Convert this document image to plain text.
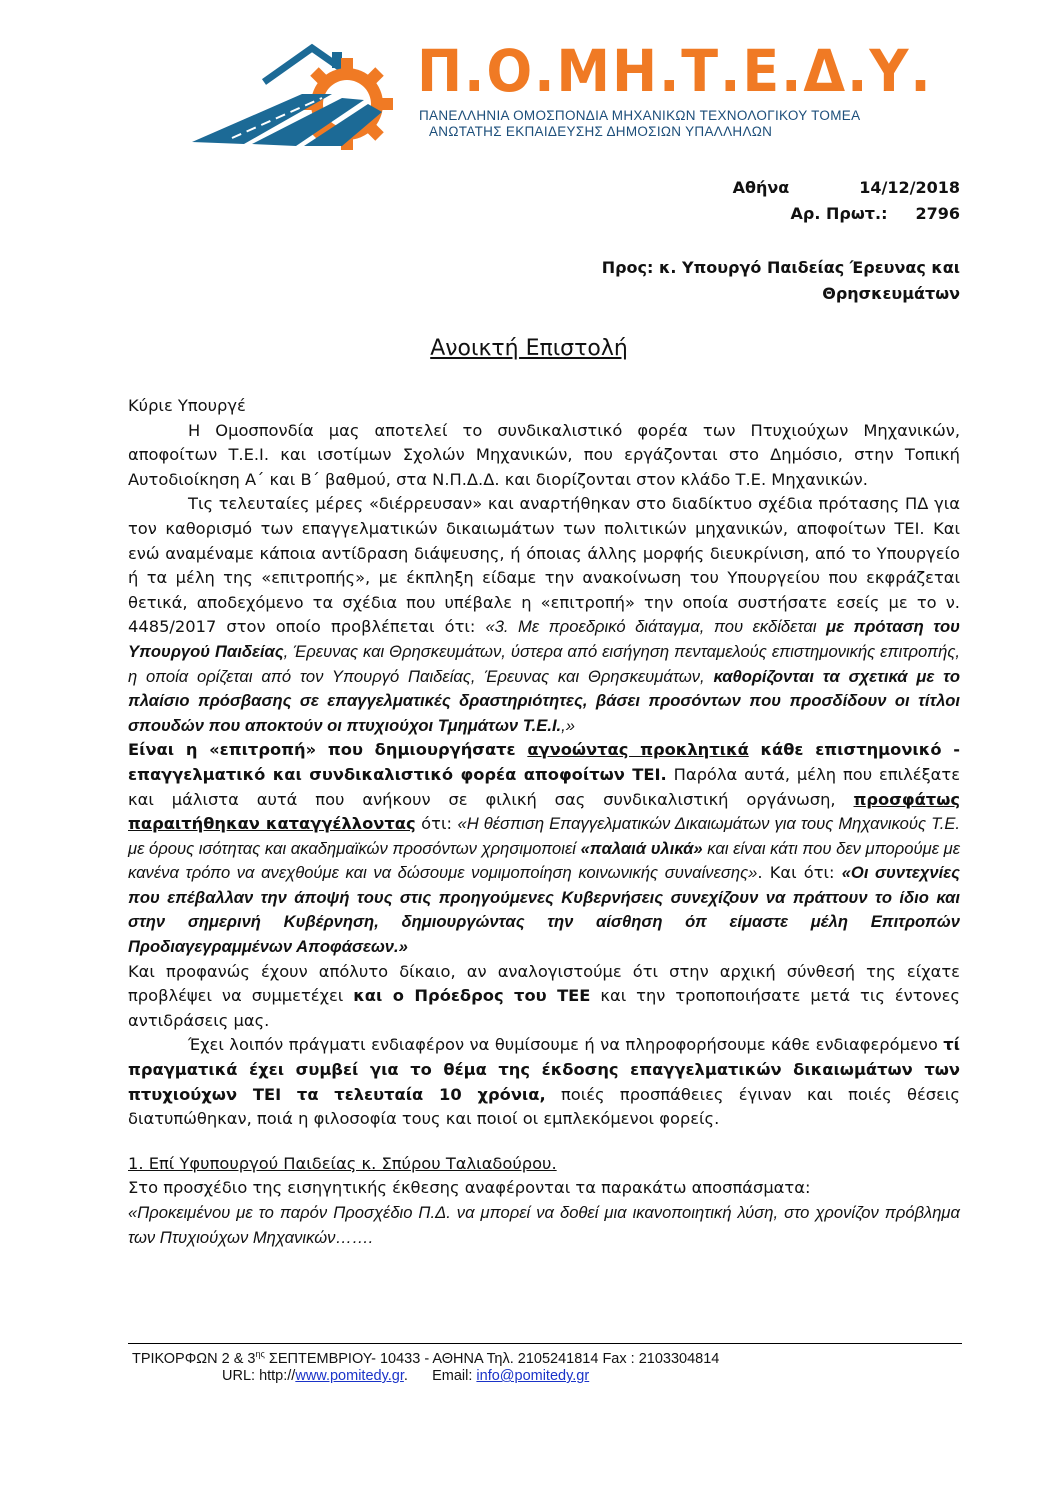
Π.Ο.ΜΗ.Τ.Ε.Δ.Υ.
ΠΑΝΕΛΛΗΝΙΑ ΟΜΟΣΠΟΝΔΙΑ ΜΗΧΑΝΙΚΩΝ ΤΕΧΝΟΛΟΓΙΚΟΥ ΤΟΜΕΑ
ΑΝΩΤΑΤΗΣ ΕΚΠΑΙΔΕΥΣΗΣ ΔΗΜΟΣΙΩΝ ΥΠΑΛΛΗΛΩΝ
Αθήνα	14/12/2018
Αρ. Πρωτ.: 2796
Προς: κ. Υπουργό Παιδείας Έρευνας και
Θρησκευμάτων
Ανοικτή Επιστολή

Κύριε Υπουργέ

Η Ομοσπονδία μας αποτελεί το συνδικαλιστικό φορέα των Πτυχιούχων Μηχανικών, αποφοίτων Τ.Ε.Ι. και ισοτίμων Σχολών Μηχανικών, που εργάζονται στο Δημόσιο, στην Τοπική Αυτοδιοίκηση Α΄ και Β΄ βαθμού, στα Ν.Π.Δ.Δ. και διορίζονται στον κλάδο Τ.Ε. Μηχανικών.

Τις τελευταίες μέρες «διέρρευσαν» και αναρτήθηκαν στο διαδίκτυο σχέδια πρότασης ΠΔ για τον καθορισμό των επαγγελματικών δικαιωμάτων των πολιτικών μηχανικών, αποφοίτων ΤΕΙ. Και ενώ αναμέναμε κάποια αντίδραση διάψευσης, ή όποιας άλλης μορφής διευκρίνιση, από το Υπουργείο ή τα μέλη της «επιτροπής», με έκπληξη είδαμε την ανακοίνωση του Υπουργείου που εκφράζεται θετικά, αποδεχόμενο τα σχέδια που υπέβαλε η «επιτροπή» την οποία συστήσατε εσείς με το ν. 4485/2017 στον οποίο προβλέπεται ότι: «3. Με προεδρικό διάταγμα, που εκδίδεται με πρόταση του Υπουργού Παιδείας, Έρευνας και Θρησκευμάτων, ύστερα από εισήγηση πενταμελούς επιστημονικής επιτροπής, η οποία ορίζεται από τον Υπουργό Παιδείας, Έρευνας και Θρησκευμάτων, καθορίζονται τα σχετικά με το πλαίσιο πρόσβασης σε επαγγελματικές δραστηριότητες, βάσει προσόντων που προσδίδουν οι τίτλοι σπουδών που αποκτούν οι πτυχιούχοι Τμημάτων Τ.Ε.Ι.,»

Είναι η «επιτροπή» που δημιουργήσατε αγνοώντας προκλητικά κάθε επιστημονικό - επαγγελματικό και συνδικαλιστικό φορέα αποφοίτων ΤΕΙ. Παρόλα αυτά, μέλη που επιλέξατε και μάλιστα αυτά που ανήκουν σε φιλική σας συνδικαλιστική οργάνωση, προσφάτως παραιτήθηκαν καταγγέλλοντας ότι: «Η θέσπιση Επαγγελματικών Δικαιωμάτων για τους Μηχανικούς Τ.Ε. με όρους ισότητας και ακαδημαϊκών προσόντων χρησιμοποιεί «παλαιά υλικά» και είναι κάτι που δεν μπορούμε με κανένα τρόπο να ανεχθούμε και να δώσουμε νομιμοποίηση κοινωνικής συναίνεσης». Και ότι: «Οι συντεχνίες που επέβαλλαν την άποψή τους στις προηγούμενες Κυβερνήσεις συνεχίζουν να πράττουν το ίδιο και στην σημερινή Κυβέρνηση, δημιουργώντας την αίσθηση όπ είμαστε μέλη Επιτροπών Προδιαγεγραμμένων Αποφάσεων.»

Και προφανώς έχουν απόλυτο δίκαιο, αν αναλογιστούμε ότι στην αρχική σύνθεσή της είχατε προβλέψει να συμμετέχει και ο Πρόεδρος του ΤΕΕ και την τροποποιήσατε μετά τις έντονες αντιδράσεις μας.

Έχει λοιπόν πράγματι ενδιαφέρον να θυμίσουμε ή να πληροφορήσουμε κάθε ενδιαφερόμενο τί πραγματικά έχει συμβεί για το θέμα της έκδοσης επαγγελματικών δικαιωμάτων των πτυχιούχων ΤΕΙ τα τελευταία 10 χρόνια, ποιές προσπάθειες έγιναν και ποιές θέσεις διατυπώθηκαν, ποιά η φιλοσοφία τους και ποιοί οι εμπλεκόμενοι φορείς.

1. Επί Υφυπουργού Παιδείας κ. Σπύρου Ταλιαδούρου.

Στο προσχέδιο της εισηγητικής έκθεσης αναφέρονται τα παρακάτω αποσπάσματα:

«Προκειμένου με το παρόν Προσχέδιο Π.Δ. να μπορεί να δοθεί μια ικανοποιητική λύση, στο χρονίζον πρόβλημα των Πτυχιούχων Μηχανικών…….

ΤΡΙΚΟΡΦΩΝ 2 & $3^{\eta\varsigma}$ ΣΕΠΤΕΜΒΡΙΟΥ- 10433 - ΑΘΗΝΑ Τηλ. 2105241814 Fax : 2103304814
URL: http://www.pomitedy.gr. Email: info@pomitedy.gr
